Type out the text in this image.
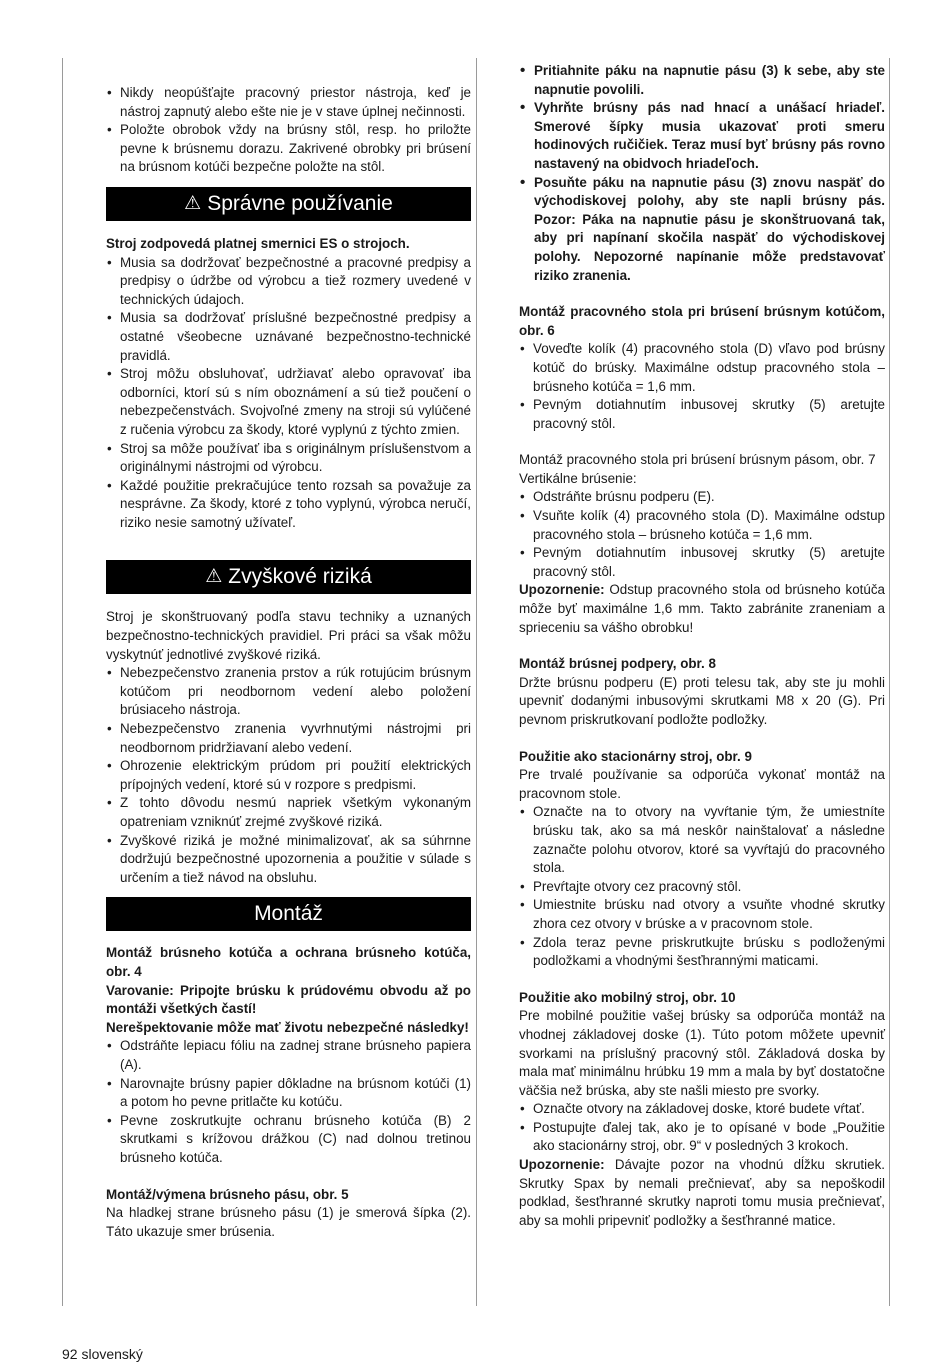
• Nikdy neopúšťajte pracovný priestor nástroja, keď je nástroj zapnutý alebo ešte nie je v stave úplnej nečinnosti.
• Položte obrobok vždy na brúsny stôl, resp. ho priložte pevne k brúsnemu dorazu. Zakrivené obrobky pri brúsení na brúsnom kotúči bezpečne položte na stôl.
⚠ Správne používanie

Stroj zodpovedá platnej smernici ES o strojoch.

• Musia sa dodržovať bezpečnostné a pracovné predpisy a predpisy o údržbe od výrobcu a tiež rozmery uvedené v technických údajoch.
• Musia sa dodržovať príslušné bezpečnostné predpisy a ostatné všeobecne uznávané bezpečnostno-technické pravidlá.
• Stroj môžu obsluhovať, udržiavať alebo opravovať iba odborníci, ktorí sú s ním oboznámení a sú tiež poučení o nebezpečenstvách. Svojvoľné zmeny na stroji sú vylúčené z ručenia výrobcu za škody, ktoré vyplynú z týchto zmien.
• Stroj sa môže používať iba s originálnym príslušenstvom a originálnymi nástrojmi od výrobcu.
• Každé použitie prekračujúce tento rozsah sa považuje za nesprávne. Za škody, ktoré z toho vyplynú, výrobca neručí, riziko nesie samotný užívateľ.
⚠ Zvyškové riziká

Stroj je skonštruovaný podľa stavu techniky a uznaných bezpečnostno-technických pravidiel. Pri práci sa však môžu vyskytnúť jednotlivé zvyškové riziká.

• Nebezpečenstvo zranenia prstov a rúk rotujúcim brúsnym kotúčom pri neodbornom vedení alebo položení brúsiaceho nástroja.
• Nebezpečenstvo zranenia vyvrhnutými nástrojmi pri neodbornom pridržiavaní alebo vedení.
• Ohrozenie elektrickým prúdom pri použití elektrických prípojných vedení, ktoré sú v rozpore s predpismi.
• Z tohto dôvodu nesmú napriek všetkým vykonaným opatreniam vzniknúť zrejmé zvyškové riziká.
• Zvyškové riziká je možné minimalizovať, ak sa súhrnne dodržujú bezpečnostné upozornenia a použitie v súlade s určením a tiež návod na obsluhu.
Montáž

Montáž brúsneho kotúča a ochrana brúsneho kotúča, obr. 4

Varovanie: Pripojte brúsku k prúdovému obvodu až po montáži všetkých častí!

Nerešpektovanie môže mať životu nebezpečné následky!

• Odstráňte lepiacu fóliu na zadnej strane brúsneho papiera (A).
• Narovnajte brúsny papier dôkladne na brúsnom kotúči (1) a potom ho pevne pritlačte ku kotúču.
• Pevne zoskrutkujte ochranu brúsneho kotúča (B) 2 skrutkami s krížovou drážkou (C) nad dolnou tretinou brúsneho kotúča.

Montáž/výmena brúsneho pásu, obr. 5

Na hladkej strane brúsneho pásu (1) je smerová šípka (2). Táto ukazuje smer brúsenia.

• Pritiahnite páku na napnutie pásu (3) k sebe, aby ste napnutie povolili.
• Vyhrňte brúsny pás nad hnací a unášací hriadeľ. Smerové šípky musia ukazovať proti smeru hodinových ručičiek. Teraz musí byť brúsny pás rovno nastavený na obidvoch hriadeľoch.
• Posuňte páku na napnutie pásu (3) znovu naspäť do východiskovej polohy, aby ste napli brúsny pás. Pozor: Páka na napnutie pásu je skonštruovaná tak, aby pri napínaní skočila naspäť do východiskovej polohy. Nepozorné napínanie môže predstavovať riziko zranenia.

Montáž pracovného stola pri brúsení brúsnym kotúčom, obr. 6

• Voveďte kolík (4) pracovného stola (D) vľavo pod brúsny kotúč do brúsky. Maximálne odstup pracovného stola – brúsneho kotúča = 1,6 mm.
• Pevným dotiahnutím inbusovej skrutky (5) aretujte pracovný stôl.

Montáž pracovného stola pri brúsení brúsnym pásom, obr. 7

Vertikálne brúsenie:

• Odstráňte brúsnu podperu (E).
• Vsuňte kolík (4) pracovného stola (D). Maximálne odstup pracovného stola – brúsneho kotúča = 1,6 mm.
• Pevným dotiahnutím inbusovej skrutky (5) aretujte pracovný stôl.

Upozornenie: Odstup pracovného stola od brúsneho kotúča môže byť maximálne 1,6 mm. Takto zabránite zraneniam a sprieceniu sa vášho obrobku!

Montáž brúsnej podpery, obr. 8

Držte brúsnu podperu (E) proti telesu tak, aby ste ju mohli upevniť dodanými inbusovými skrutkami M8 x 20 (G). Pri pevnom priskrutkovaní podložte podložky.

Použitie ako stacionárny stroj, obr. 9

Pre trvalé používanie sa odporúča vykonať montáž na pracovnom stole.

• Označte na to otvory na vyvŕtanie tým, že umiestníte brúsku tak, ako sa má neskôr nainštalovať a následne zaznačte polohu otvorov, ktoré sa vyvŕtajú do pracovného stola.
• Prevŕtajte otvory cez pracovný stôl.
• Umiestnite brúsku nad otvory a vsuňte vhodné skrutky zhora cez otvory v brúske a v pracovnom stole.
• Zdola teraz pevne priskrutkujte brúsku s podloženými podložkami a vhodnými šesťhrannými maticami.

Použitie ako mobilný stroj, obr. 10

Pre mobilné použitie vašej brúsky sa odporúča montáž na vhodnej základovej doske (1). Túto potom môžete upevniť svorkami na príslušný pracovný stôl. Základová doska by mala mať minimálnu hrúbku 19 mm a mala by byť dostatočne väčšia než brúska, aby ste našli miesto pre svorky.

• Označte otvory na základovej doske, ktoré budete vŕtať.
• Postupujte ďalej tak, ako je to opísané v bode „Použitie ako stacionárny stroj, obr. 9“ v posledných 3 krokoch.

Upozornenie: Dávajte pozor na vhodnú dĺžku skrutiek. Skrutky Spax by nemali prečnievať, aby sa nepoškodil podklad, šesťhranné skrutky naproti tomu musia prečnievať, aby sa mohli pripevniť podložky a šesťhranné matice.

92 slovenský
